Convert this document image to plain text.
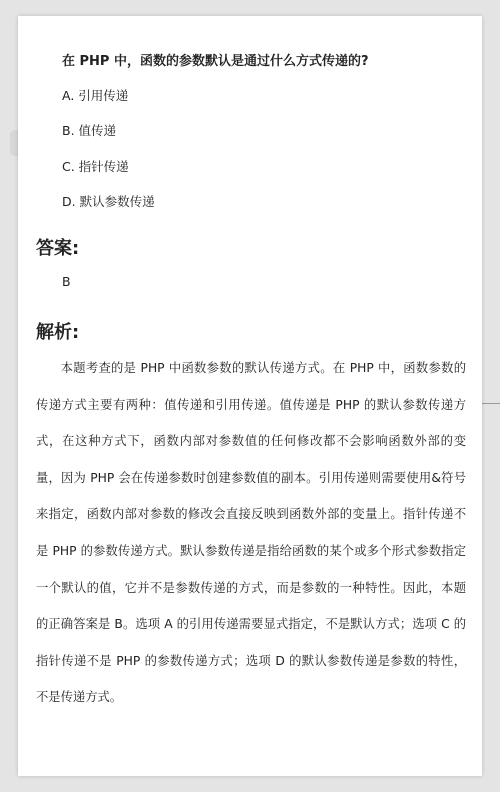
在 PHP 中，函数的参数默认是通过什么方式传递的?
A. 引用传递
B. 值传递
C. 指针传递
D. 默认参数传递
答案:
B
解析:

本题考查的是 PHP 中函数参数的默认传递方式。在 PHP 中，函数参数的传递方式主要有两种：值传递和引用传递。值传递是 PHP 的默认参数传递方式，在这种方式下，函数内部对参数值的任何修改都不会影响函数外部的变量，因为 PHP 会在传递参数时创建参数值的副本。引用传递则需要使用&符号来指定，函数内部对参数的修改会直接反映到函数外部的变量上。指针传递不是 PHP 的参数传递方式。默认参数传递是指给函数的某个或多个形式参数指定一个默认的值，它并不是参数传递的方式，而是参数的一种特性。因此，本题的正确答案是 B。选项 A 的引用传递需要显式指定，不是默认方式；选项 C 的指针传递不是 PHP 的参数传递方式；选项 D 的默认参数传递是参数的特性，不是传递方式。
